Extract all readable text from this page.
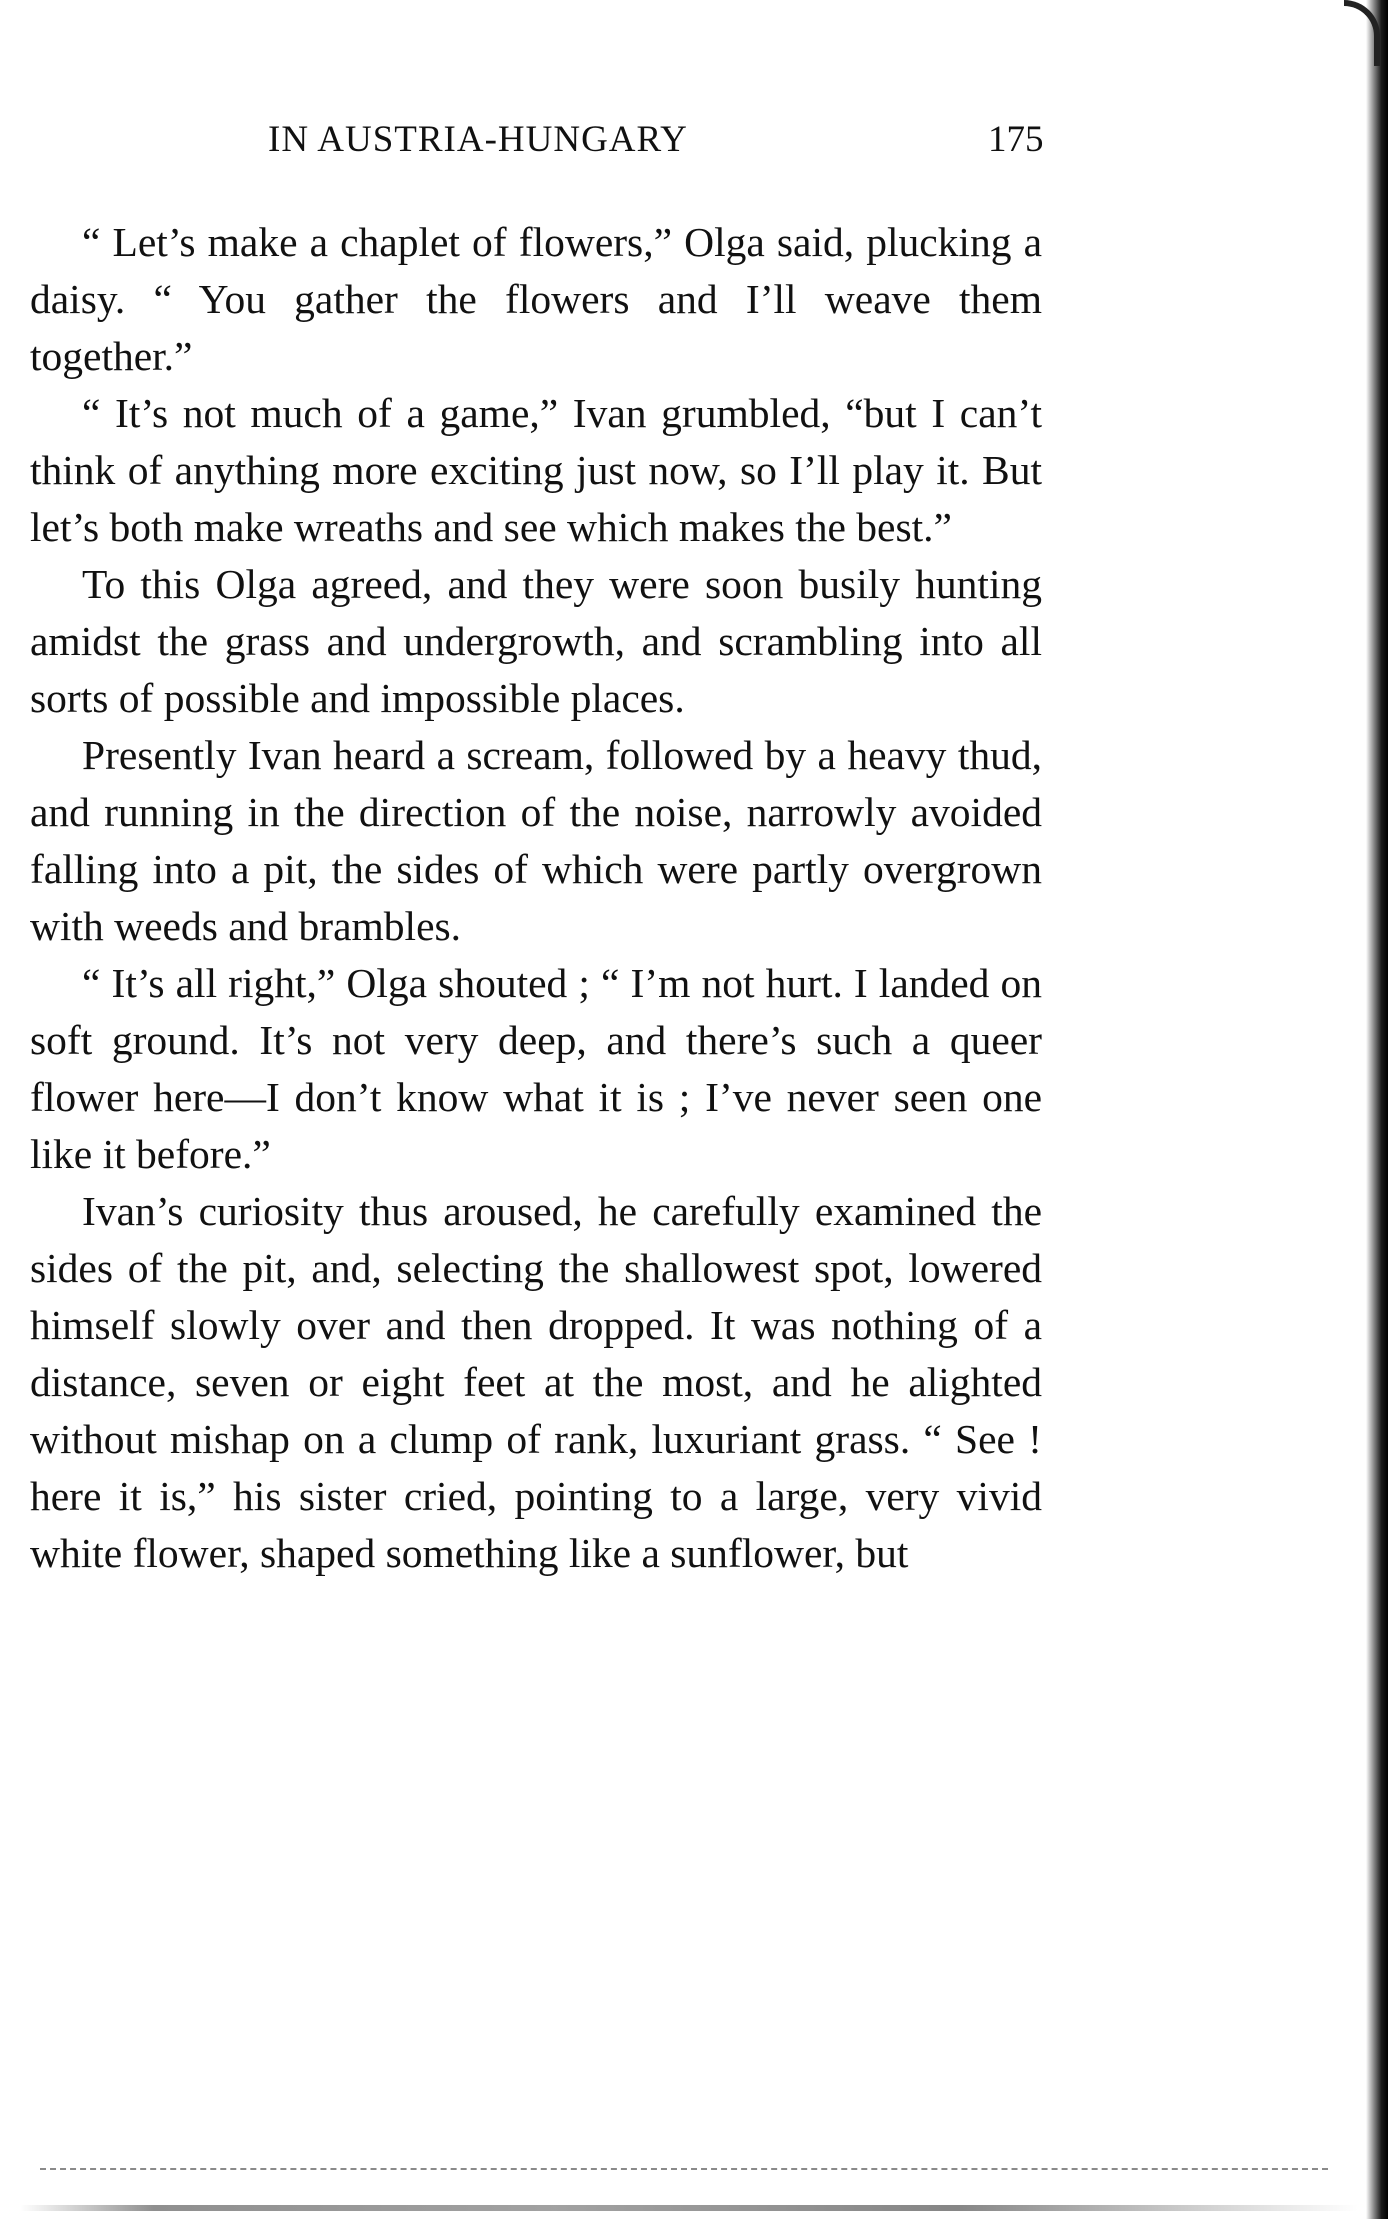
IN AUSTRIA-HUNGARY	175

“ Let’s make a chaplet of flowers,” Olga said, plucking a daisy. “ You gather the flowers and I’ll weave them together.”

“ It’s not much of a game,” Ivan grumbled, “but I can’t think of anything more exciting just now, so I’ll play it. But let’s both make wreaths and see which makes the best.”

To this Olga agreed, and they were soon busily hunting amidst the grass and undergrowth, and scrambling into all sorts of possible and impossible places.

Presently Ivan heard a scream, followed by a heavy thud, and running in the direction of the noise, narrowly avoided falling into a pit, the sides of which were partly overgrown with weeds and brambles.

“ It’s all right,” Olga shouted ; “ I’m not hurt. I landed on soft ground. It’s not very deep, and there’s such a queer flower here—I don’t know what it is ; I’ve never seen one like it before.”

Ivan’s curiosity thus aroused, he carefully examined the sides of the pit, and, selecting the shallowest spot, lowered himself slowly over and then dropped. It was nothing of a distance, seven or eight feet at the most, and he alighted without mishap on a clump of rank, luxuriant grass. “ See ! here it is,” his sister cried, pointing to a large, very vivid white flower, shaped something like a sunflower, but
